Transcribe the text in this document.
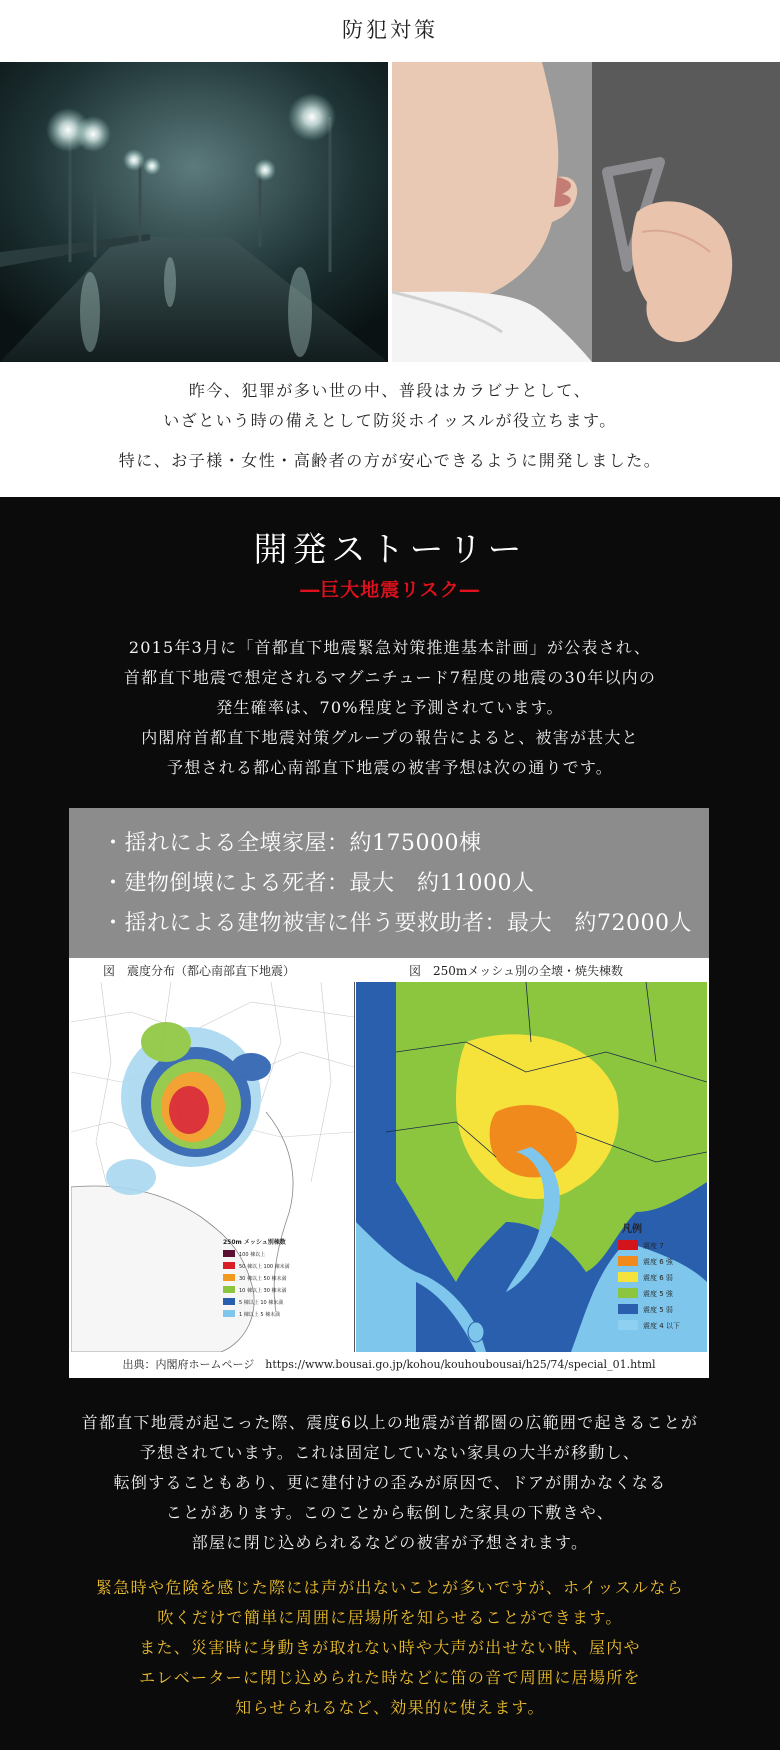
防犯対策
昨今、犯罪が多い世の中、普段はカラビナとして、
いざという時の備えとして防災ホイッスルが役立ちます。
特に、お子様・女性・高齢者の方が安心できるように開発しました。
開発ストーリー
―巨大地震リスク―
2015年3月に「首都直下地震緊急対策推進基本計画」が公表され、
首都直下地震で想定されるマグニチュード7程度の地震の30年以内の
発生確率は、70%程度と予測されています。
内閣府首都直下地震対策グループの報告によると、被害が甚大と
予想される都心南部直下地震の被害予想は次の通りです。
・揺れによる全壊家屋：約175000棟
・建物倒壊による死者：最大　約11000人
・揺れによる建物被害に伴う要救助者：最大　約72000人
図　震度分布（都心南部直下地震）	図　250mメッシュ別の全壊・焼失棟数
250m メッシュ別棟数
100 棟以上
50 棟以上 100 棟未満
30 棟以上 50 棟未満
10 棟以上 30 棟未満
5 棟以上 10 棟未満
1 棟以上 5 棟未満
凡例
震度 7
震度 6 強
震度 6 弱
震度 5 強
震度 5 弱
震度 4 以下
出典：内閣府ホームページ　https://www.bousai.go.jp/kohou/kouhoubousai/h25/74/special_01.html
首都直下地震が起こった際、震度6以上の地震が首都圏の広範囲で起きることが
予想されています。これは固定していない家具の大半が移動し、
転倒することもあり、更に建付けの歪みが原因で、ドアが開かなくなる
ことがあります。このことから転倒した家具の下敷きや、
部屋に閉じ込められるなどの被害が予想されます。
緊急時や危険を感じた際には声が出ないことが多いですが、ホイッスルなら
吹くだけで簡単に周囲に居場所を知らせることができます。
また、災害時に身動きが取れない時や大声が出せない時、屋内や
エレベーターに閉じ込められた時などに笛の音で周囲に居場所を
知らせられるなど、効果的に使えます。
